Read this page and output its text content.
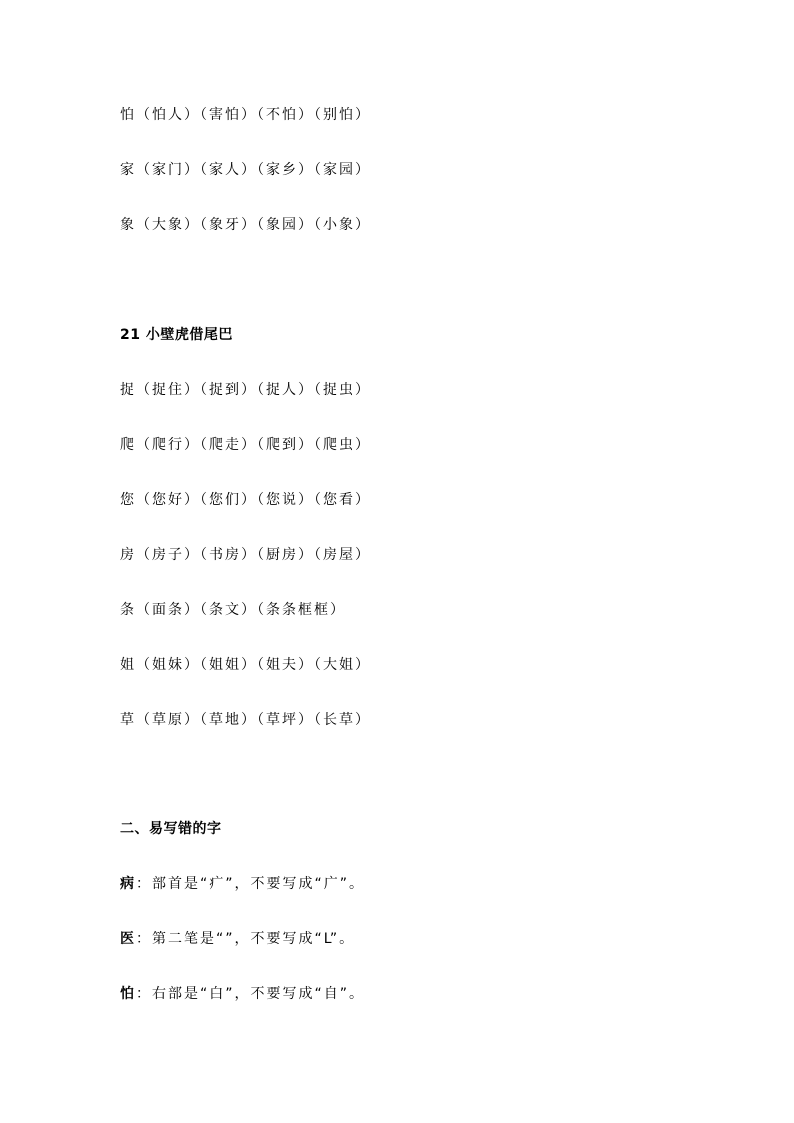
怕（怕人）（害怕）（不怕）（别怕）
家（家门）（家人）（家乡）（家园）
象（大象）（象牙）（象园）（小象）
21 小壁虎借尾巴
捉（捉住）（捉到）（捉人）（捉虫）
爬（爬行）（爬走）（爬到）（爬虫）
您（您好）（您们）（您说）（您看）
房（房子）（书房）（厨房）（房屋）
条（面条）（条文）（条条框框）
姐（姐妹）（姐姐）（姐夫）（大姐）
草（草原）（草地）（草坪）（长草）
二、易写错的字
病：部首是“疒”，不要写成“广”。
医：第二笔是“”，不要写成“L”。
怕：右部是“白”，不要写成“自”。
